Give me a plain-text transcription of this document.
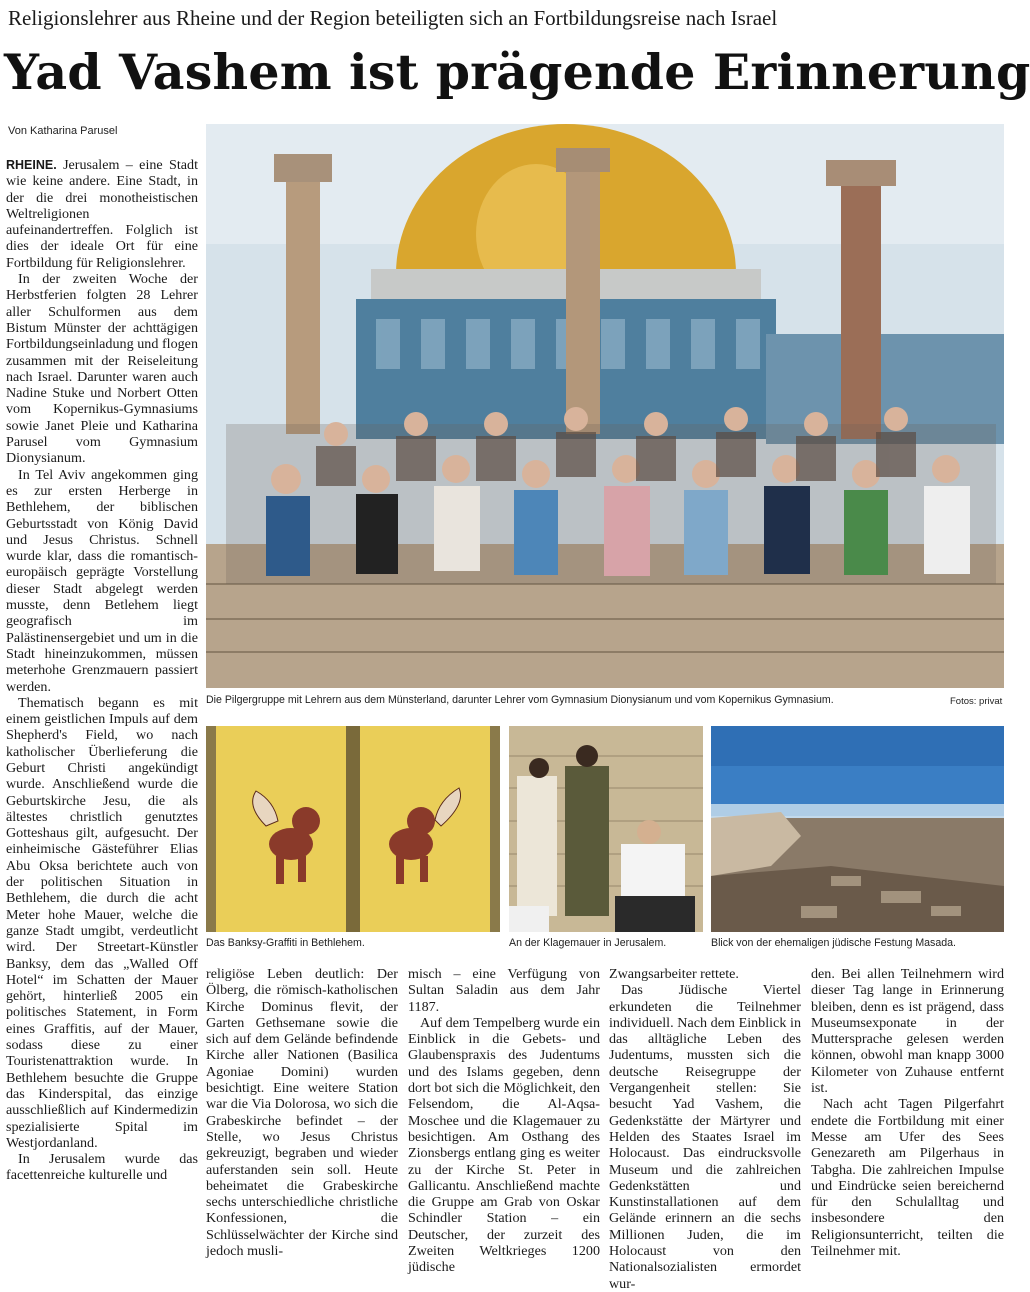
Religionslehrer aus Rheine und der Region beteiligten sich an Fortbildungsreise nach Israel
Yad Vashem ist prägende Erinnerung
Von Katharina Parusel

RHEINE. Jerusalem – eine Stadt wie keine andere. Eine Stadt, in der die drei monotheistischen Weltreligionen aufeinandertreffen. Folglich ist dies der ideale Ort für eine Fortbildung für Religionslehrer.

In der zweiten Woche der Herbstferien folgten 28 Lehrer aller Schulformen aus dem Bistum Münster der achttägigen Fortbildungseinladung und flogen zusammen mit der Reiseleitung nach Israel. Darunter waren auch Nadine Stuke und Norbert Otten vom Kopernikus-Gymnasiums sowie Janet Pleie und Katharina Parusel vom Gymnasium Dionysianum.

In Tel Aviv angekommen ging es zur ersten Herberge in Bethlehem, der biblischen Geburtsstadt von König David und Jesus Christus. Schnell wurde klar, dass die romantisch-europäisch geprägte Vorstellung dieser Stadt abgelegt werden musste, denn Betlehem liegt geografisch im Palästinensergebiet und um in die Stadt hineinzukommen, müssen meterhohe Grenzmauern passiert werden.

Thematisch begann es mit einem geistlichen Impuls auf dem Shepherd's Field, wo nach katholischer Überlieferung die Geburt Christi angekündigt wurde. Anschließend wurde die Geburtskirche Jesu, die als ältestes christlich genutztes Gotteshaus gilt, aufgesucht. Der einheimische Gästeführer Elias Abu Oksa berichtete auch von der politischen Situation in Bethlehem, die durch die acht Meter hohe Mauer, welche die ganze Stadt umgibt, verdeutlicht wird. Der Streetart-Künstler Banksy, dem das „Walled Off Hotel“ im Schatten der Mauer gehört, hinterließ 2005 ein politisches Statement, in Form eines Graffitis, auf der Mauer, sodass diese zu einer Touristenattraktion wurde. In Bethlehem besuchte die Gruppe das Kinderspital, das einzige ausschließlich auf Kindermedizin spezialisierte Spital im Westjordanland.

In Jerusalem wurde das facettenreiche kulturelle und

Die Pilgergruppe mit Lehrern aus dem Münsterland, darunter Lehrer vom Gymnasium Dionysianum und vom Kopernikus Gymnasium.	Fotos: privat
Das Banksy-Graffiti in Bethlehem.	An der Klagemauer in Jerusalem.	Blick von der ehemaligen jüdische Festung Masada.

religiöse Leben deutlich: Der Ölberg, die römisch-katholischen Kirche Dominus flevit, der Garten Gethsemane sowie die sich auf dem Gelände befindende Kirche aller Nationen (Basilica Agoniae Domini) wurden besichtigt. Eine weitere Station war die Via Dolorosa, wo sich die Grabeskirche befindet – der Stelle, wo Jesus Christus gekreuzigt, begraben und wieder auferstanden sein soll. Heute beheimatet die Grabeskirche sechs unterschiedliche christliche Konfessionen, die Schlüsselwächter der Kirche sind jedoch musli-

misch – eine Verfügung von Sultan Saladin aus dem Jahr 1187.

Auf dem Tempelberg wurde ein Einblick in die Gebets- und Glaubenspraxis des Judentums und des Islams gegeben, denn dort bot sich die Möglichkeit, den Felsendom, die Al-Aqsa-Moschee und die Klagemauer zu besichtigen. Am Osthang des Zionsbergs entlang ging es weiter zu der Kirche St. Peter in Gallicantu. Anschließend machte die Gruppe am Grab von Oskar Schindler Station – ein Deutscher, der zurzeit des Zweiten Weltkrieges 1200 jüdische

Zwangsarbeiter rettete.

Das Jüdische Viertel erkundeten die Teilnehmer individuell. Nach dem Einblick in das alltägliche Leben des Judentums, mussten sich die deutsche Reisegruppe der Vergangenheit stellen: Sie besucht Yad Vashem, die Gedenkstätte der Märtyrer und Helden des Staates Israel im Holocaust. Das eindrucksvolle Museum und die zahlreichen Gedenkstätten und Kunstinstallationen auf dem Gelände erinnern an die sechs Millionen Juden, die im Holocaust von den Nationalsozialisten ermordet wur-

den. Bei allen Teilnehmern wird dieser Tag lange in Erinnerung bleiben, denn es ist prägend, dass Museumsexponate in der Muttersprache gelesen werden können, obwohl man knapp 3000 Kilometer von Zuhause entfernt ist.

Nach acht Tagen Pilgerfahrt endete die Fortbildung mit einer Messe am Ufer des Sees Genezareth am Pilgerhaus in Tabgha. Die zahlreichen Impulse und Eindrücke seien bereichernd für den Schulalltag und insbesondere den Religionsunterricht, teilten die Teilnehmer mit.
